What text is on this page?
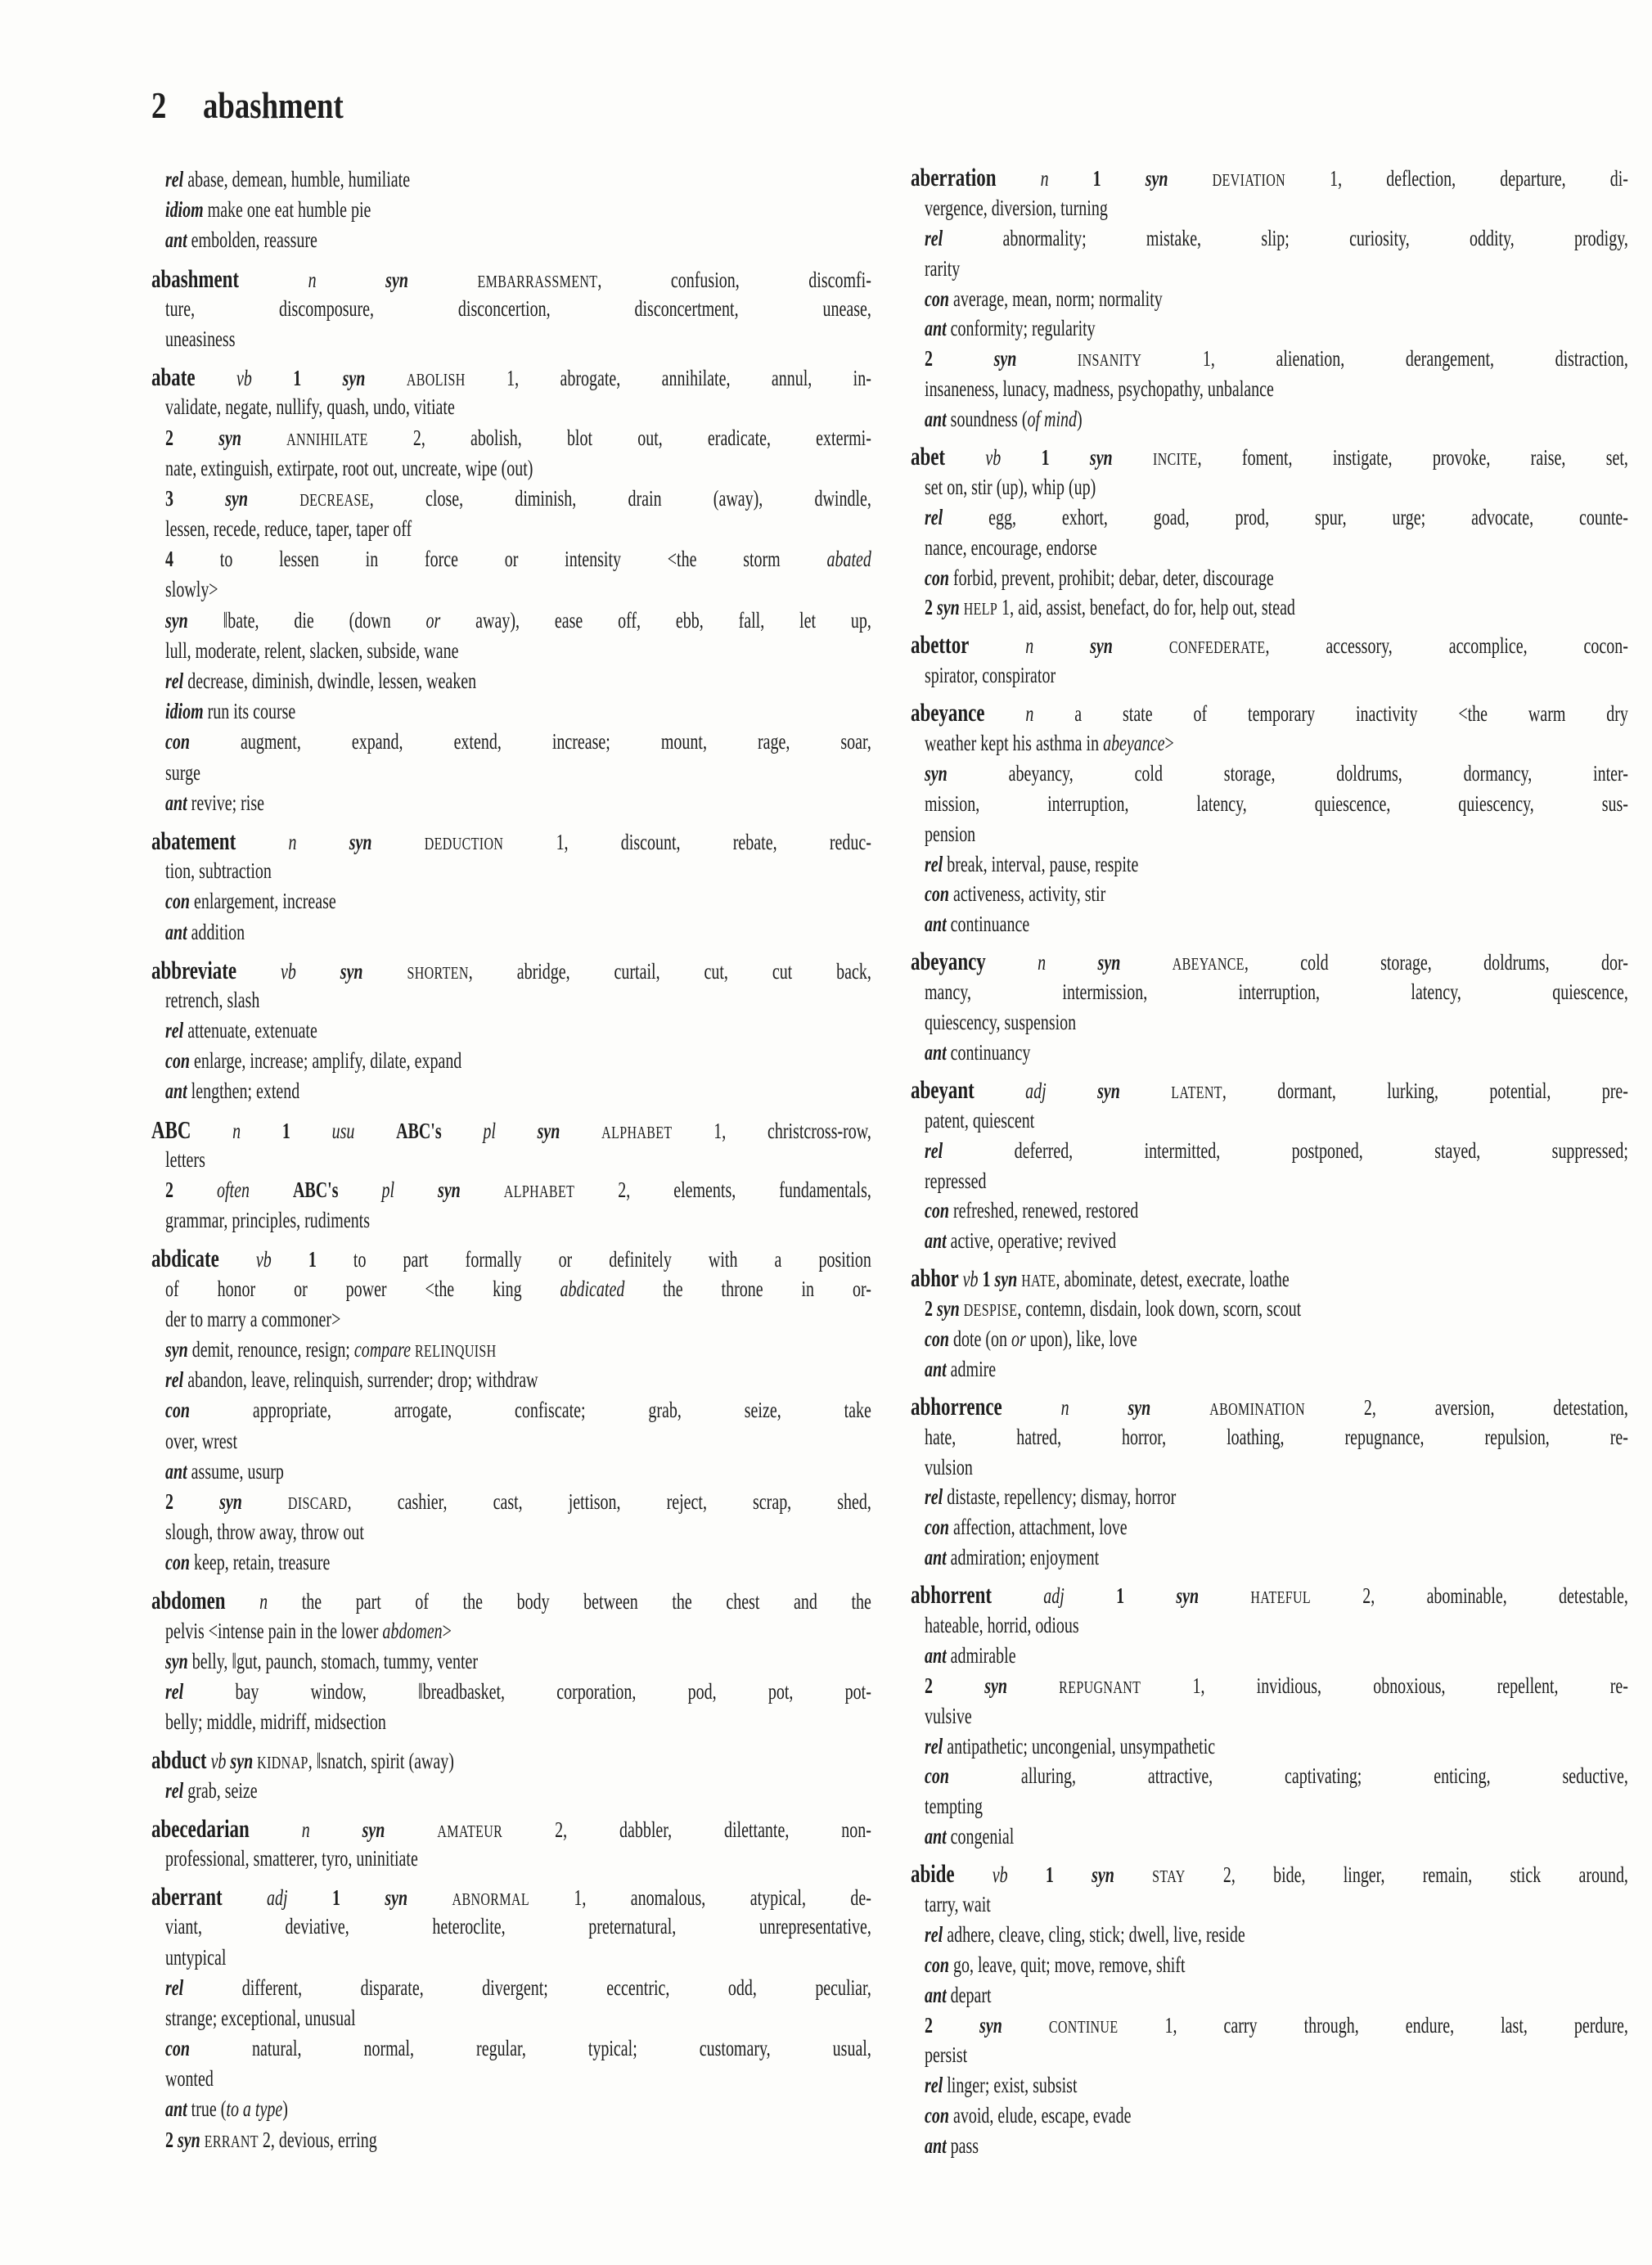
2 abashment
rel abase, demean, humble, humiliate
idiom make one eat humble pie
ant embolden, reassure
abashment	n	syn	EMBARRASSMENT, confusion, discomfi-
ture, discomposure, disconcertion, disconcertment, unease,
uneasiness
abate vb 1 syn ABOLISH 1, abrogate, annihilate, annul, in-
validate, negate, nullify, quash, undo, vitiate
2 syn	ANNIHILATE 2, abolish, blot out, eradicate, extermi-
nate, extinguish, extirpate, root out, uncreate, wipe (out)
3 syn	DECREASE, close, diminish, drain (away), dwindle,
lessen, recede, reduce, taper, taper off
4 to lessen in force or intensity <the storm abated
slowly>
syn ‖bate, die (down or away), ease off, ebb, fall, let up,
lull, moderate, relent, slacken, subside, wane
rel decrease, diminish, dwindle, lessen, weaken
idiom run its course
con augment, expand, extend, increase; mount, rage, soar,
surge
ant revive; rise
abatement n syn	DEDUCTION 1, discount, rebate, reduc-
tion, subtraction
con enlargement, increase
ant addition
abbreviate vb syn SHORTEN, abridge, curtail, cut, cut back,
retrench, slash
rel attenuate, extenuate
con enlarge, increase; amplify, dilate, expand
ant lengthen; extend
ABC n 1 usu ABC's pl syn ALPHABET 1, christcross-row,
letters
2 often ABC's pl syn ALPHABET 2, elements, fundamentals,
grammar, principles, rudiments
abdicate vb 1 to part formally or definitely with a position
of honor or power <the king abdicated the throne in or-
der to marry a commoner>
syn demit, renounce, resign; compare RELINQUISH
rel abandon, leave, relinquish, surrender; drop; withdraw
con appropriate, arrogate, confiscate; grab, seize, take
over, wrest
ant assume, usurp
2 syn	DISCARD, cashier, cast, jettison, reject, scrap, shed,
slough, throw away, throw out
con keep, retain, treasure
abdomen n the part of the body between the chest and the
pelvis <intense pain in the lower abdomen>
syn belly, ‖gut, paunch, stomach, tummy, venter
rel bay window, ‖breadbasket, corporation, pod, pot, pot-
belly; middle, midriff, midsection
abduct vb syn KIDNAP, ‖snatch, spirit (away)
rel grab, seize
abecedarian n syn	AMATEUR 2, dabbler, dilettante, non-
professional, smatterer, tyro, uninitiate
aberrant adj 1 syn	ABNORMAL 1, anomalous, atypical, de-
viant, deviative, heteroclite, preternatural, unrepresentative,
untypical
rel different, disparate, divergent; eccentric, odd, peculiar,
strange; exceptional, unusual
con natural, normal, regular, typical; customary, usual,
wonted
ant true (to a type)
2 syn ERRANT 2, devious, erring
aberration n 1 syn	DEVIATION 1, deflection, departure, di-
vergence, diversion, turning
rel abnormality; mistake, slip; curiosity, oddity, prodigy,
rarity
con average, mean, norm; normality
ant conformity; regularity
2	syn	INSANITY 1, alienation, derangement, distraction,
insaneness, lunacy, madness, psychopathy, unbalance
ant soundness (of mind)
abet vb 1 syn INCITE, foment, instigate, provoke, raise, set,
set on, stir (up), whip (up)
rel egg, exhort, goad, prod, spur, urge; advocate, counte-
nance, encourage, endorse
con forbid, prevent, prohibit; debar, deter, discourage
2 syn HELP 1, aid, assist, benefact, do for, help out, stead
abettor	n	syn	CONFEDERATE, accessory, accomplice, cocon-
spirator, conspirator
abeyance n a state of temporary inactivity <the warm dry
weather kept his asthma in abeyance>
syn abeyancy, cold storage, doldrums, dormancy, inter-
mission, interruption, latency, quiescence, quiescency, sus-
pension
rel break, interval, pause, respite
con activeness, activity, stir
ant continuance
abeyancy n syn	ABEYANCE, cold storage, doldrums, dor-
mancy, intermission, interruption, latency, quiescence,
quiescency, suspension
ant continuancy
abeyant adj syn	LATENT, dormant, lurking, potential, pre-
patent, quiescent
rel deferred, intermitted, postponed, stayed, suppressed;
repressed
con refreshed, renewed, restored
ant active, operative; revived
abhor vb 1 syn HATE, abominate, detest, execrate, loathe
2 syn DESPISE, contemn, disdain, look down, scorn, scout
con dote (on or upon), like, love
ant admire
abhorrence	n	syn	ABOMINATION 2, aversion, detestation,
hate, hatred, horror, loathing, repugnance, repulsion, re-
vulsion
rel distaste, repellency; dismay, horror
con affection, attachment, love
ant admiration; enjoyment
abhorrent adj 1 syn	HATEFUL 2, abominable, detestable,
hateable, horrid, odious
ant admirable
2 syn	REPUGNANT 1, invidious, obnoxious, repellent, re-
vulsive
rel antipathetic; uncongenial, unsympathetic
con alluring, attractive, captivating; enticing, seductive,
tempting
ant congenial
abide vb 1 syn STAY 2, bide, linger, remain, stick around,
tarry, wait
rel adhere, cleave, cling, stick; dwell, live, reside
con go, leave, quit; move, remove, shift
ant depart
2 syn	CONTINUE 1, carry through, endure, last, perdure,
persist
rel linger; exist, subsist
con avoid, elude, escape, evade
ant pass
